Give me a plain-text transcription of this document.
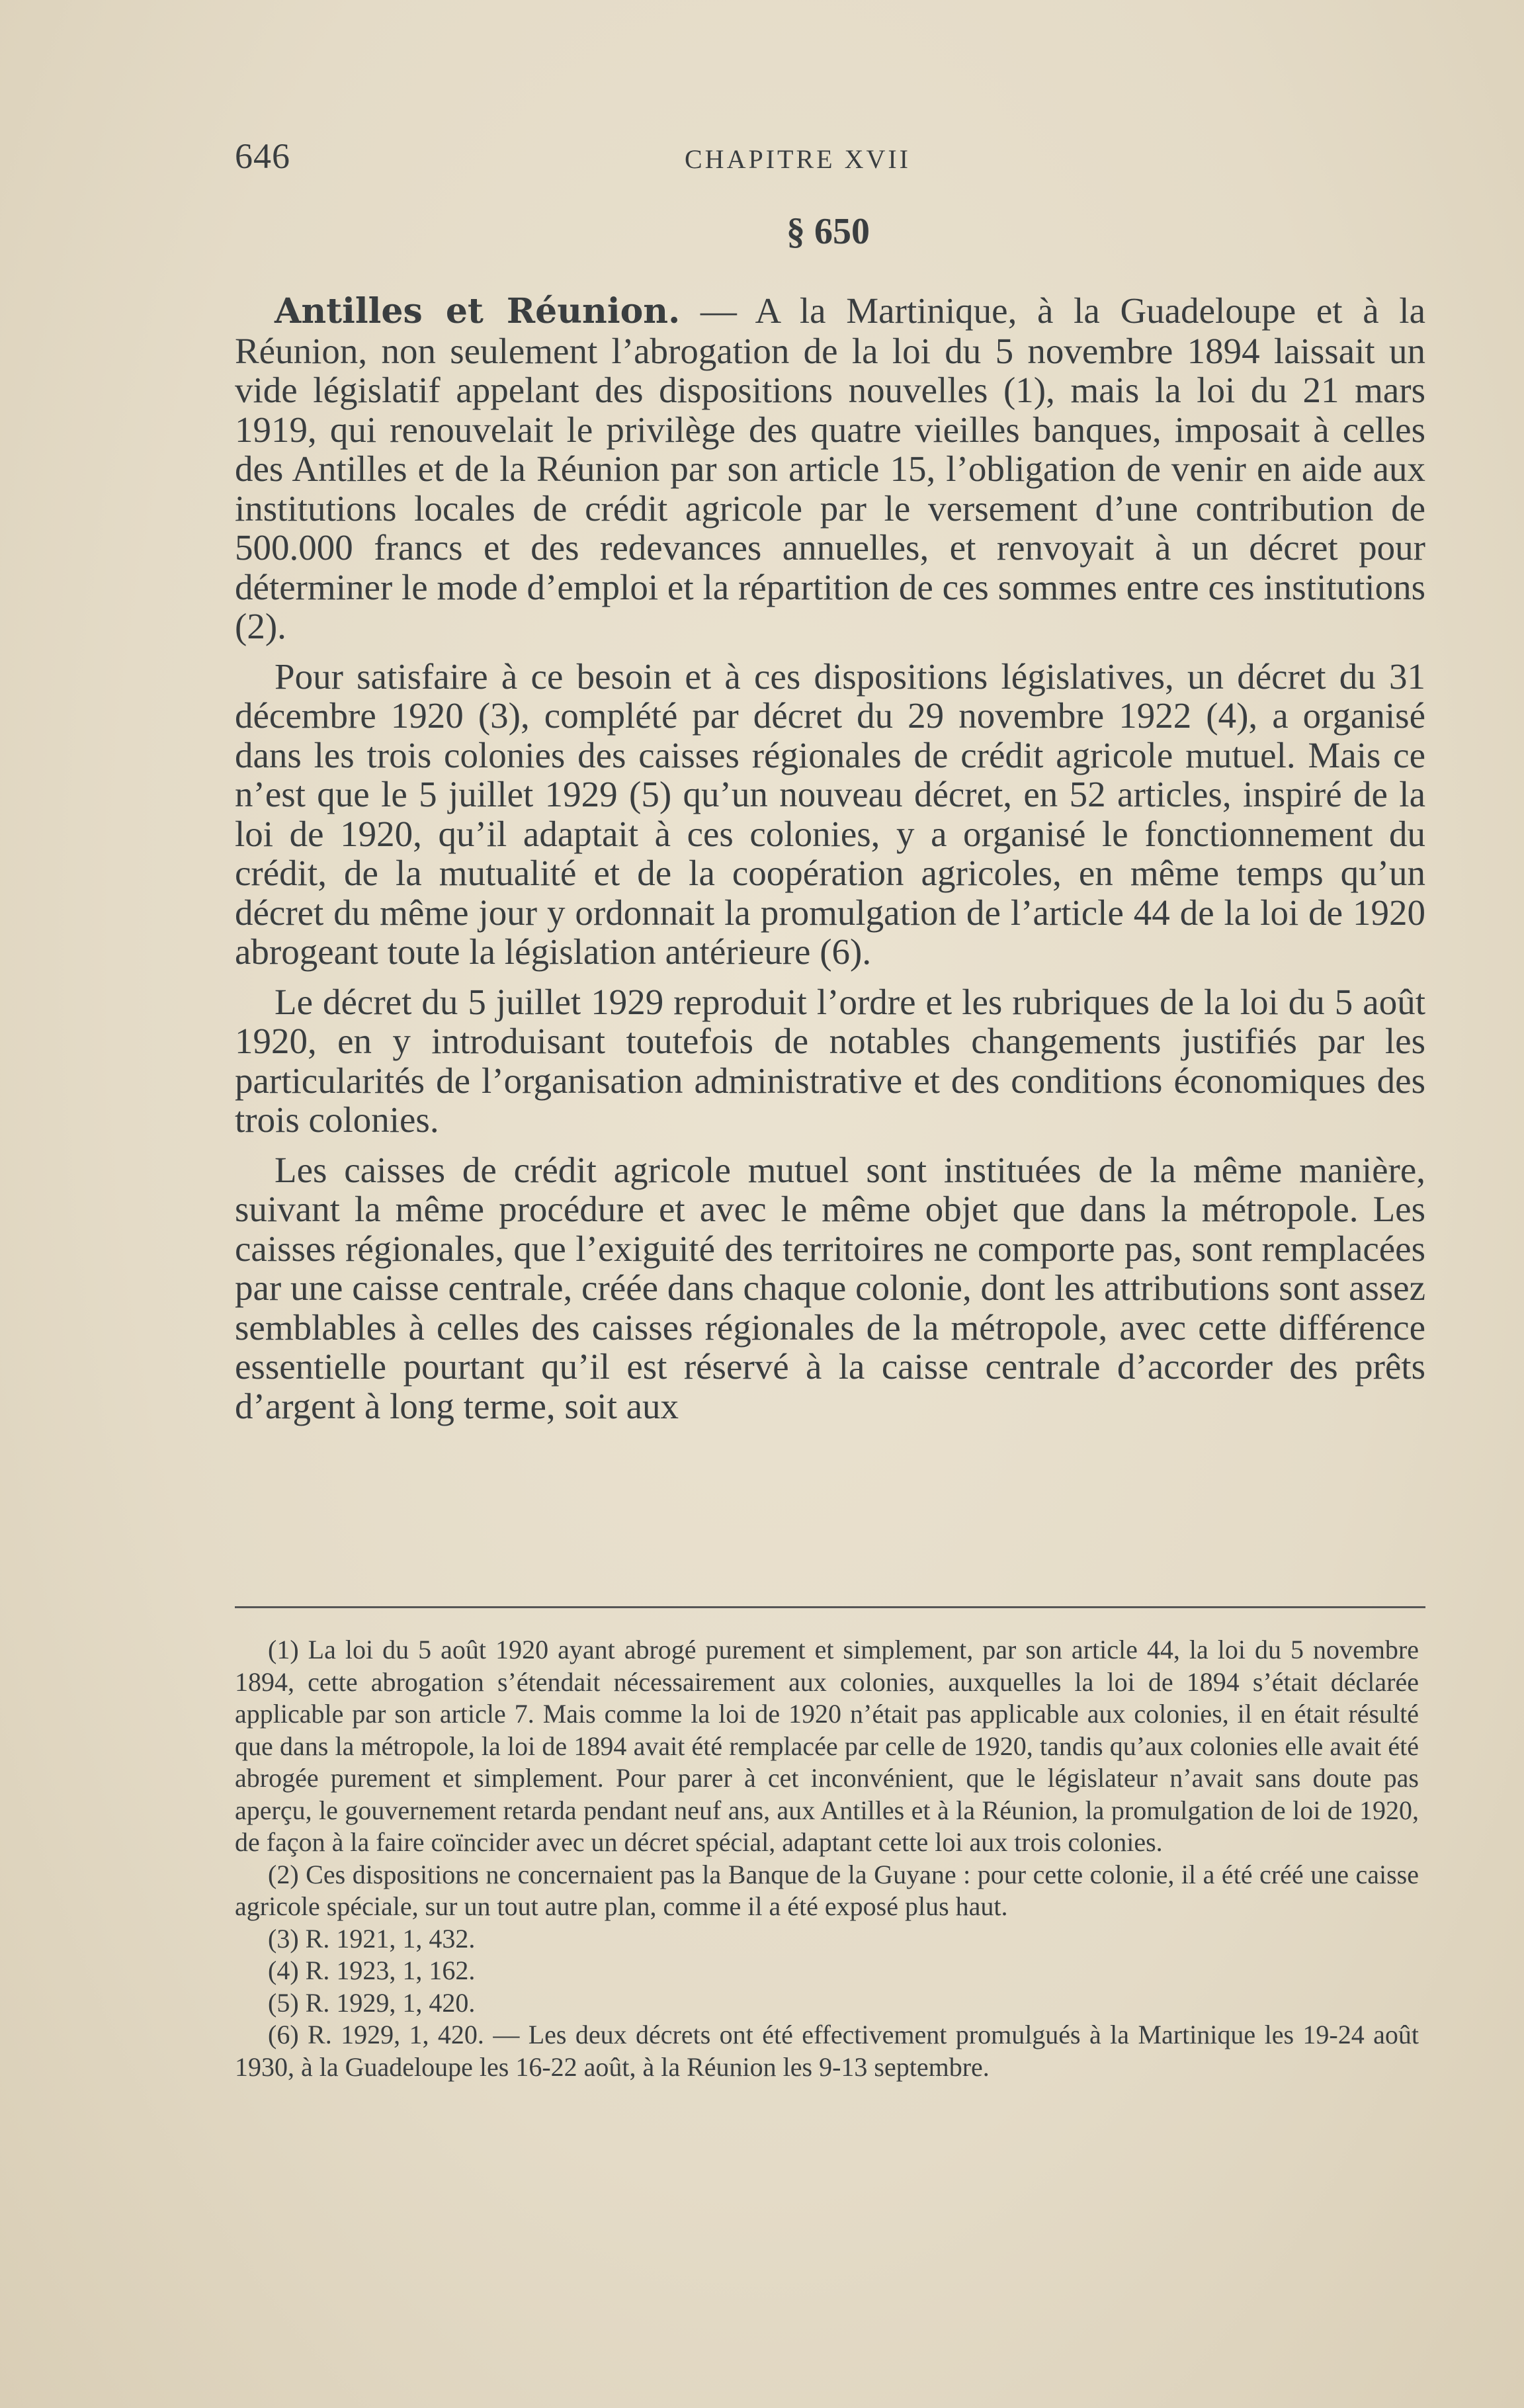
646	CHAPITRE XVII
§ 650

Antilles et Réunion. — A la Martinique, à la Guadeloupe et à la Réunion, non seulement l’abrogation de la loi du 5 novembre 1894 laissait un vide législatif appelant des dispositions nouvelles (1), mais la loi du 21 mars 1919, qui renouvelait le privilège des quatre vieilles banques, imposait à celles des Antilles et de la Réunion par son article 15, l’obligation de venir en aide aux institutions locales de crédit agricole par le versement d’une contribution de 500.000 francs et des redevances annuelles, et renvoyait à un décret pour déterminer le mode d’emploi et la répartition de ces sommes entre ces institutions (2).

Pour satisfaire à ce besoin et à ces dispositions législatives, un décret du 31 décembre 1920 (3), complété par décret du 29 novembre 1922 (4), a organisé dans les trois colonies des caisses régionales de crédit agricole mutuel. Mais ce n’est que le 5 juillet 1929 (5) qu’un nouveau décret, en 52 articles, inspiré de la loi de 1920, qu’il adaptait à ces colonies, y a organisé le fonctionnement du crédit, de la mutualité et de la coopération agricoles, en même temps qu’un décret du même jour y ordonnait la promulgation de l’article 44 de la loi de 1920 abrogeant toute la législation antérieure (6).

Le décret du 5 juillet 1929 reproduit l’ordre et les rubriques de la loi du 5 août 1920, en y introduisant toutefois de notables changements justifiés par les particularités de l’organisation administrative et des conditions économiques des trois colonies.

Les caisses de crédit agricole mutuel sont instituées de la même manière, suivant la même procédure et avec le même objet que dans la métropole. Les caisses régionales, que l’exiguité des territoires ne comporte pas, sont remplacées par une caisse centrale, créée dans chaque colonie, dont les attributions sont assez semblables à celles des caisses régionales de la métropole, avec cette différence essentielle pourtant qu’il est réservé à la caisse centrale d’accorder des prêts d’argent à long terme, soit aux

(1) La loi du 5 août 1920 ayant abrogé purement et simplement, par son article 44, la loi du 5 novembre 1894, cette abrogation s’étendait nécessairement aux colonies, auxquelles la loi de 1894 s’était déclarée applicable par son article 7. Mais comme la loi de 1920 n’était pas applicable aux colonies, il en était résulté que dans la métropole, la loi de 1894 avait été remplacée par celle de 1920, tandis qu’aux colonies elle avait été abrogée purement et simplement. Pour parer à cet inconvénient, que le législateur n’avait sans doute pas aperçu, le gouvernement retarda pendant neuf ans, aux Antilles et à la Réunion, la promulgation de loi de 1920, de façon à la faire coïncider avec un décret spécial, adaptant cette loi aux trois colonies.

(2) Ces dispositions ne concernaient pas la Banque de la Guyane : pour cette colonie, il a été créé une caisse agricole spéciale, sur un tout autre plan, comme il a été exposé plus haut.

(3) R. 1921, 1, 432.

(4) R. 1923, 1, 162.

(5) R. 1929, 1, 420.

(6) R. 1929, 1, 420. — Les deux décrets ont été effectivement promulgués à la Martinique les 19-24 août 1930, à la Guadeloupe les 16-22 août, à la Réunion les 9-13 septembre.
